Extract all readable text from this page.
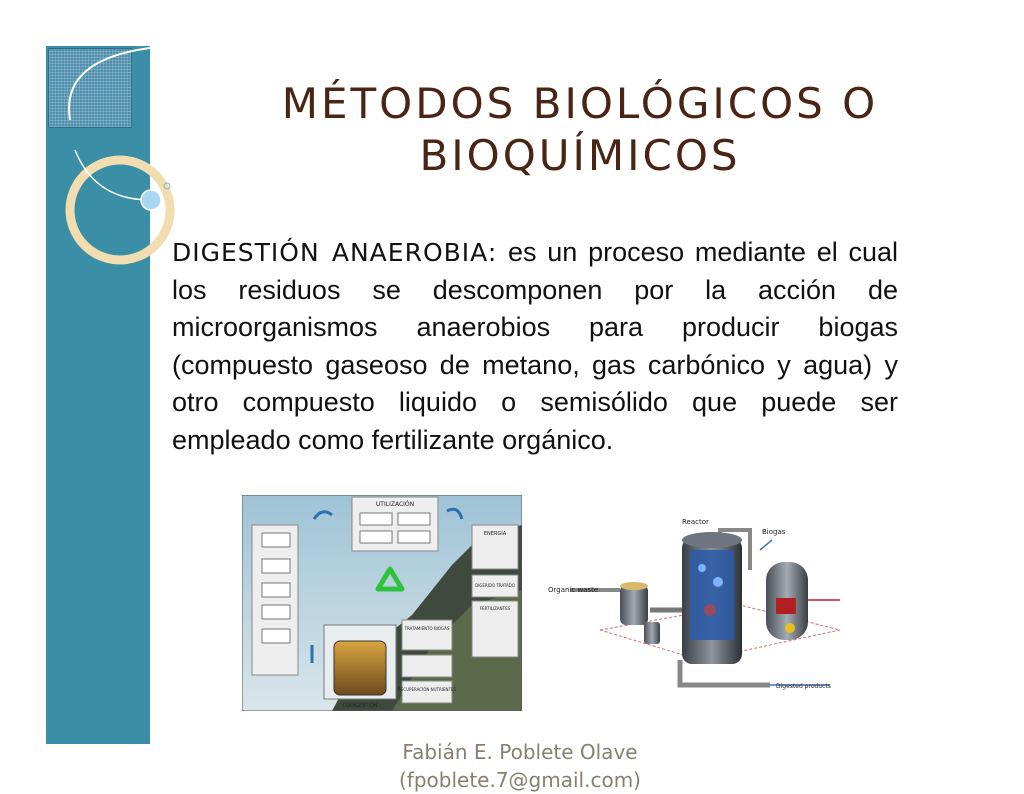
MÉTODOS BIOLÓGICOS O BIOQUÍMICOS

DIGESTIÓN ANAEROBIA: es un proceso mediante el cual los residuos se descomponen por la acción de microorganismos anaerobios para producir biogas (compuesto gaseoso de metano, gas carbónico y agua) y otro compuesto liquido o semisólido que puede ser empleado como fertilizante orgánico.

UTILIZACIÓN
ENERGÍA
DIGERIDO TRATADO
FERTILIZANTES
TRATAMIENTO BIOGÁS
RECUPERACIÓN NUTRIENTES
CODIGESTIÓN
Reactor
Biogas
Organic waste
Digested products
Fabián E. Poblete Olave
(fpoblete.7@gmail.com)
